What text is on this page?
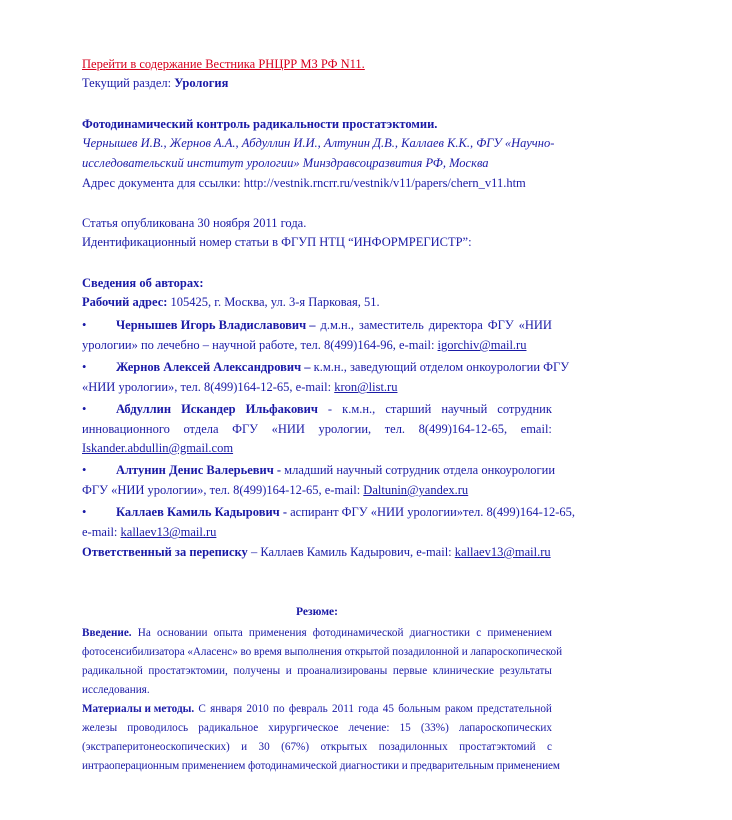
Перейти в содержание Вестника РНЦРР МЗ РФ N11.
Текущий раздел: Урология
Фотодинамический контроль радикальности простатэктомии.
Чернышев И.В., Жернов А.А., Абдуллин И.И., Алтунин Д.В., Каллаев К.К., ФГУ «Научно-
исследовательский институт урологии» Минздравсоцразвития РФ, Москва
Адрес документа для ссылки: http://vestnik.rncrr.ru/vestnik/v11/papers/chern_v11.htm
Статья опубликована 30 ноября 2011 года.
Идентификационный номер статьи в ФГУП НТЦ “ИНФОРМРЕГИСТР”:
Сведения об авторах:
Рабочий адрес: 105425, г. Москва, ул. 3-я Парковая, 51.
•	Чернышев Игорь Владиславович – д.м.н., заместитель директора ФГУ «НИИ
урологии» по лечебно – научной работе, тел. 8(499)164-96, e-mail: igorchiv@mail.ru
•	Жернов Алексей Александрович – к.м.н., заведующий отделом онкоурологии ФГУ
«НИИ урологии», тел. 8(499)164-12-65, e-mail: kron@list.ru
•	Абдуллин Искандер Ильфакович - к.м.н., старший научный сотрудник
инновационного отдела ФГУ «НИИ урологии, тел. 8(499)164-12-65, email:
Iskander.abdullin@gmail.com
•	Алтунин Денис Валерьевич - младший научный сотрудник отдела онкоурологии
ФГУ «НИИ урологии», тел. 8(499)164-12-65, e-mail: Daltunin@yandex.ru
•	Каллаев Камиль Кадырович - аспирант ФГУ «НИИ урологии»тел. 8(499)164-12-65,
e-mail: kallaev13@mail.ru
Ответственный за переписку – Каллаев Камиль Кадырович, e-mail: kallaev13@mail.ru
Резюме:
Введение. На основании опыта применения фотодинамической диагностики с применением
фотосенсибилизатора «Аласенс» во время выполнения открытой позадилонной и лапароскопической
радикальной простатэктомии, получены и проанализированы первые клинические результаты
исследования.
Материалы и методы. С января 2010 по февраль 2011 года 45 больным раком предстательной
железы проводилось радикальное хирургическое лечение: 15 (33%) лапароскопических
(экстраперитонеоскопических) и 30 (67%) открытых позадилонных простатэктомий с
интраоперационным применением фотодинамической диагностики и предварительным применением
